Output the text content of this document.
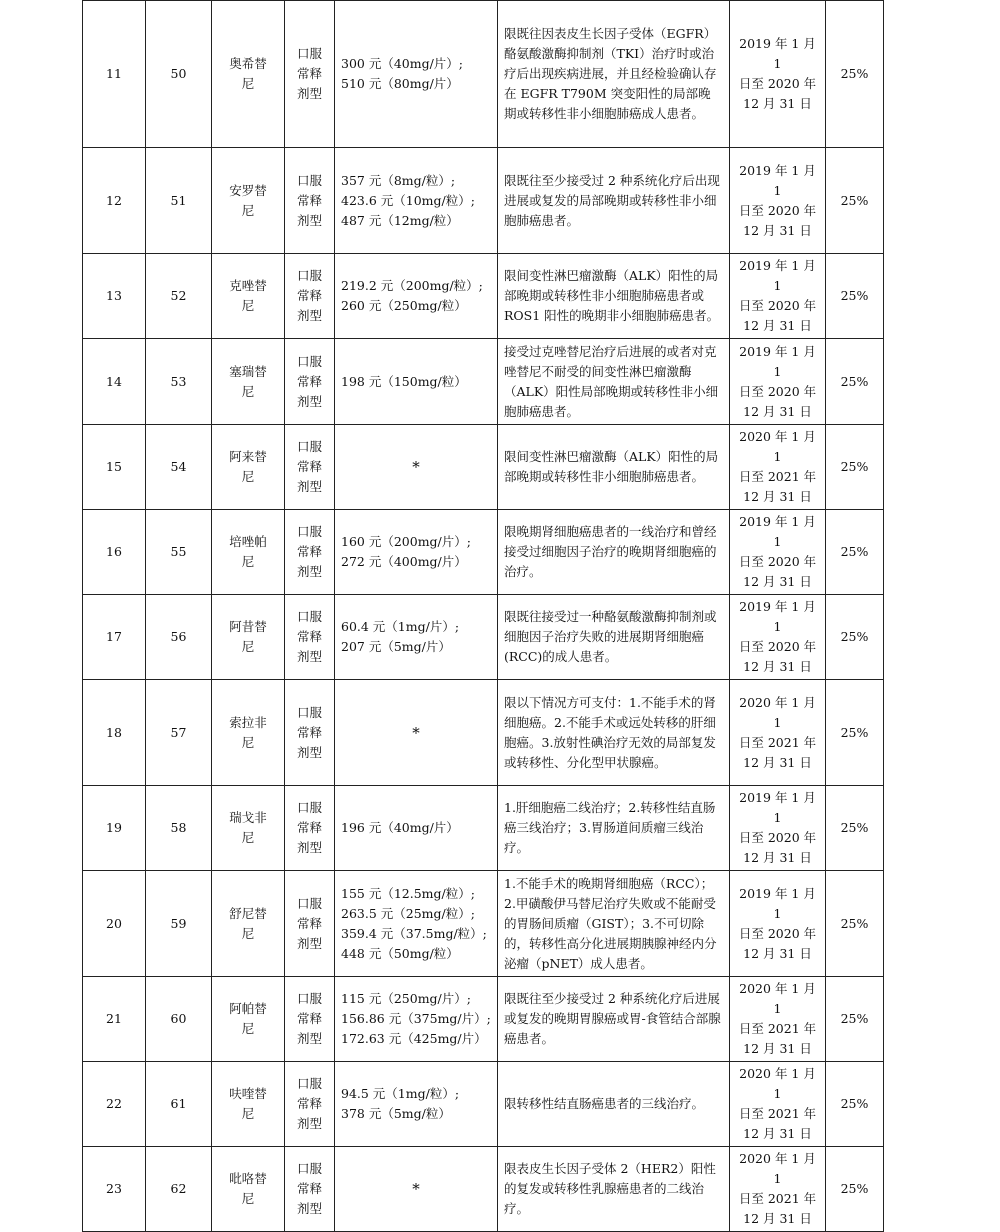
11	50	奥希替
尼	口服
常释
剂型	300 元（40mg/片）;
510 元（80mg/片）	限既往因表皮生长因子受体（EGFR）酪氨酸激酶抑制剂（TKI）治疗时或治疗后出现疾病进展，并且经检验确认存在 EGFR T790M 突变阳性的局部晚期或转移性非小细胞肺癌成人患者。	2019 年 1 月 1
日至 2020 年
12 月 31 日	25%
12	51	安罗替
尼	口服
常释
剂型	357 元（8mg/粒）;
423.6 元（10mg/粒）;
487 元（12mg/粒）	限既往至少接受过 2 种系统化疗后出现进展或复发的局部晚期或转移性非小细胞肺癌患者。	2019 年 1 月 1
日至 2020 年
12 月 31 日	25%
13	52	克唑替
尼	口服
常释
剂型	219.2 元（200mg/粒）;
260 元（250mg/粒）	限间变性淋巴瘤激酶（ALK）阳性的局部晚期或转移性非小细胞肺癌患者或 ROS1 阳性的晚期非小细胞肺癌患者。	2019 年 1 月 1
日至 2020 年
12 月 31 日	25%
14	53	塞瑞替
尼	口服
常释
剂型	198 元（150mg/粒）	接受过克唑替尼治疗后进展的或者对克唑替尼不耐受的间变性淋巴瘤激酶（ALK）阳性局部晚期或转移性非小细胞肺癌患者。	2019 年 1 月 1
日至 2020 年
12 月 31 日	25%
15	54	阿来替
尼	口服
常释
剂型	*	限间变性淋巴瘤激酶（ALK）阳性的局部晚期或转移性非小细胞肺癌患者。	2020 年 1 月 1
日至 2021 年
12 月 31 日	25%
16	55	培唑帕
尼	口服
常释
剂型	160 元（200mg/片）;
272 元（400mg/片）	限晚期肾细胞癌患者的一线治疗和曾经接受过细胞因子治疗的晚期肾细胞癌的治疗。	2019 年 1 月 1
日至 2020 年
12 月 31 日	25%
17	56	阿昔替
尼	口服
常释
剂型	60.4 元（1mg/片）;
207 元（5mg/片）	限既往接受过一种酪氨酸激酶抑制剂或细胞因子治疗失败的进展期肾细胞癌(RCC)的成人患者。	2019 年 1 月 1
日至 2020 年
12 月 31 日	25%
18	57	索拉非
尼	口服
常释
剂型	*	限以下情况方可支付：1.不能手术的肾细胞癌。2.不能手术或远处转移的肝细胞癌。3.放射性碘治疗无效的局部复发或转移性、分化型甲状腺癌。	2020 年 1 月 1
日至 2021 年
12 月 31 日	25%
19	58	瑞戈非
尼	口服
常释
剂型	196 元（40mg/片）	1.肝细胞癌二线治疗；2.转移性结直肠癌三线治疗；3.胃肠道间质瘤三线治疗。	2019 年 1 月 1
日至 2020 年
12 月 31 日	25%
20	59	舒尼替
尼	口服
常释
剂型	155 元（12.5mg/粒）;
263.5 元（25mg/粒）;
359.4 元（37.5mg/粒）;
448 元（50mg/粒）	1.不能手术的晚期肾细胞癌（RCC）；2.甲磺酸伊马替尼治疗失败或不能耐受的胃肠间质瘤（GIST）；3.不可切除的，转移性高分化进展期胰腺神经内分泌瘤（pNET）成人患者。	2019 年 1 月 1
日至 2020 年
12 月 31 日	25%
21	60	阿帕替
尼	口服
常释
剂型	115 元（250mg/片）;
156.86 元（375mg/片）;
172.63 元（425mg/片）	限既往至少接受过 2 种系统化疗后进展或复发的晚期胃腺癌或胃-食管结合部腺癌患者。	2020 年 1 月 1
日至 2021 年
12 月 31 日	25%
22	61	呋喹替
尼	口服
常释
剂型	94.5 元（1mg/粒）;
378 元（5mg/粒）	限转移性结直肠癌患者的三线治疗。	2020 年 1 月 1
日至 2021 年
12 月 31 日	25%
23	62	吡咯替
尼	口服
常释
剂型	*	限表皮生长因子受体 2（HER2）阳性的复发或转移性乳腺癌患者的二线治疗。	2020 年 1 月 1
日至 2021 年
12 月 31 日	25%
